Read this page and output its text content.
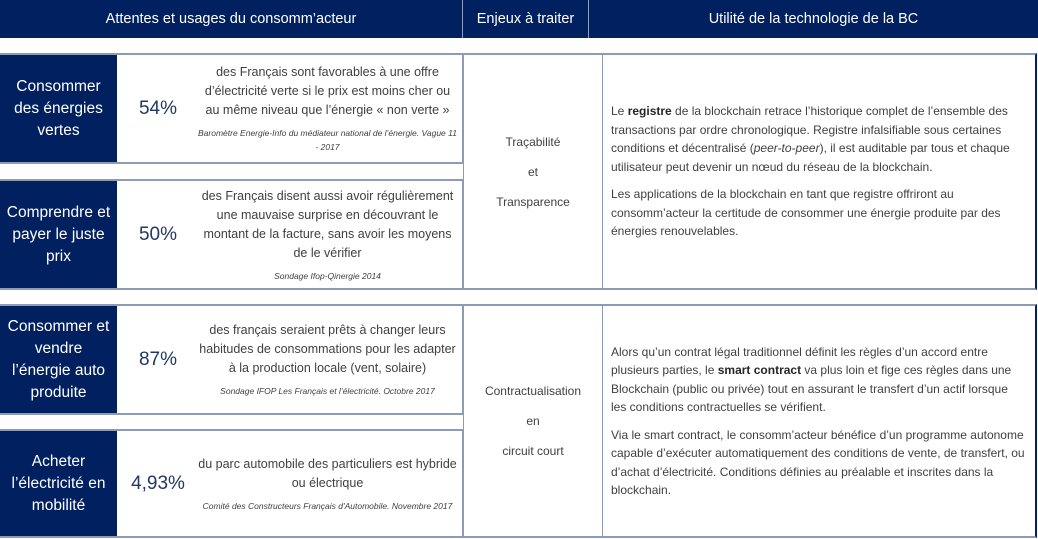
Attentes et usages du consomm’acteur	Enjeux à traiter	Utilité de la technologie de la BC
Consommer des énergies vertes
54%
des Français sont favorables à une offre d’électricité verte si le prix est moins cher ou au même niveau que l’énergie « non verte »
Baromètre Energie-Info du médiateur national de l’énergie. Vague 11 - 2017
Comprendre et payer le juste prix
50%
des Français disent aussi avoir régulièrement une mauvaise surprise en découvrant le montant de la facture, sans avoir les moyens de le vérifier
Sondage Ifop-Qinergie 2014
Traçabilité
et
Transparence

Le registre de la blockchain retrace l’historique complet de l’ensemble des transactions par ordre chronologique. Registre infalsifiable sous certaines conditions et décentralisé (peer-to-peer), il est auditable par tous et chaque utilisateur peut devenir un nœud du réseau de la blockchain.

Les applications de la blockchain en tant que registre offriront au consomm’acteur la certitude de consommer une énergie produite par des énergies renouvelables.

Consommer et vendre l’énergie auto produite
87%
des français seraient prêts à changer leurs habitudes de consommations pour les adapter à la production locale (vent, solaire)
Sondage IFOP Les Français et l’électricité. Octobre 2017
Acheter l’électricité en mobilité
4,93%
du parc automobile des particuliers est hybride ou électrique
Comité des Constructeurs Français d'Automobile. Novembre 2017
Contractualisation
en
circuit court

Alors qu’un contrat légal traditionnel définit les règles d’un accord entre plusieurs parties, le smart contract va plus loin et fige ces règles dans une Blockchain (public ou privée) tout en assurant le transfert d’un actif lorsque les conditions contractuelles se vérifient.

Via le smart contract, le consomm’acteur bénéfice d’un programme autonome capable d’exécuter automatiquement des conditions de vente, de transfert, ou d’achat d’électricité. Conditions définies au préalable et inscrites dans la blockchain.
